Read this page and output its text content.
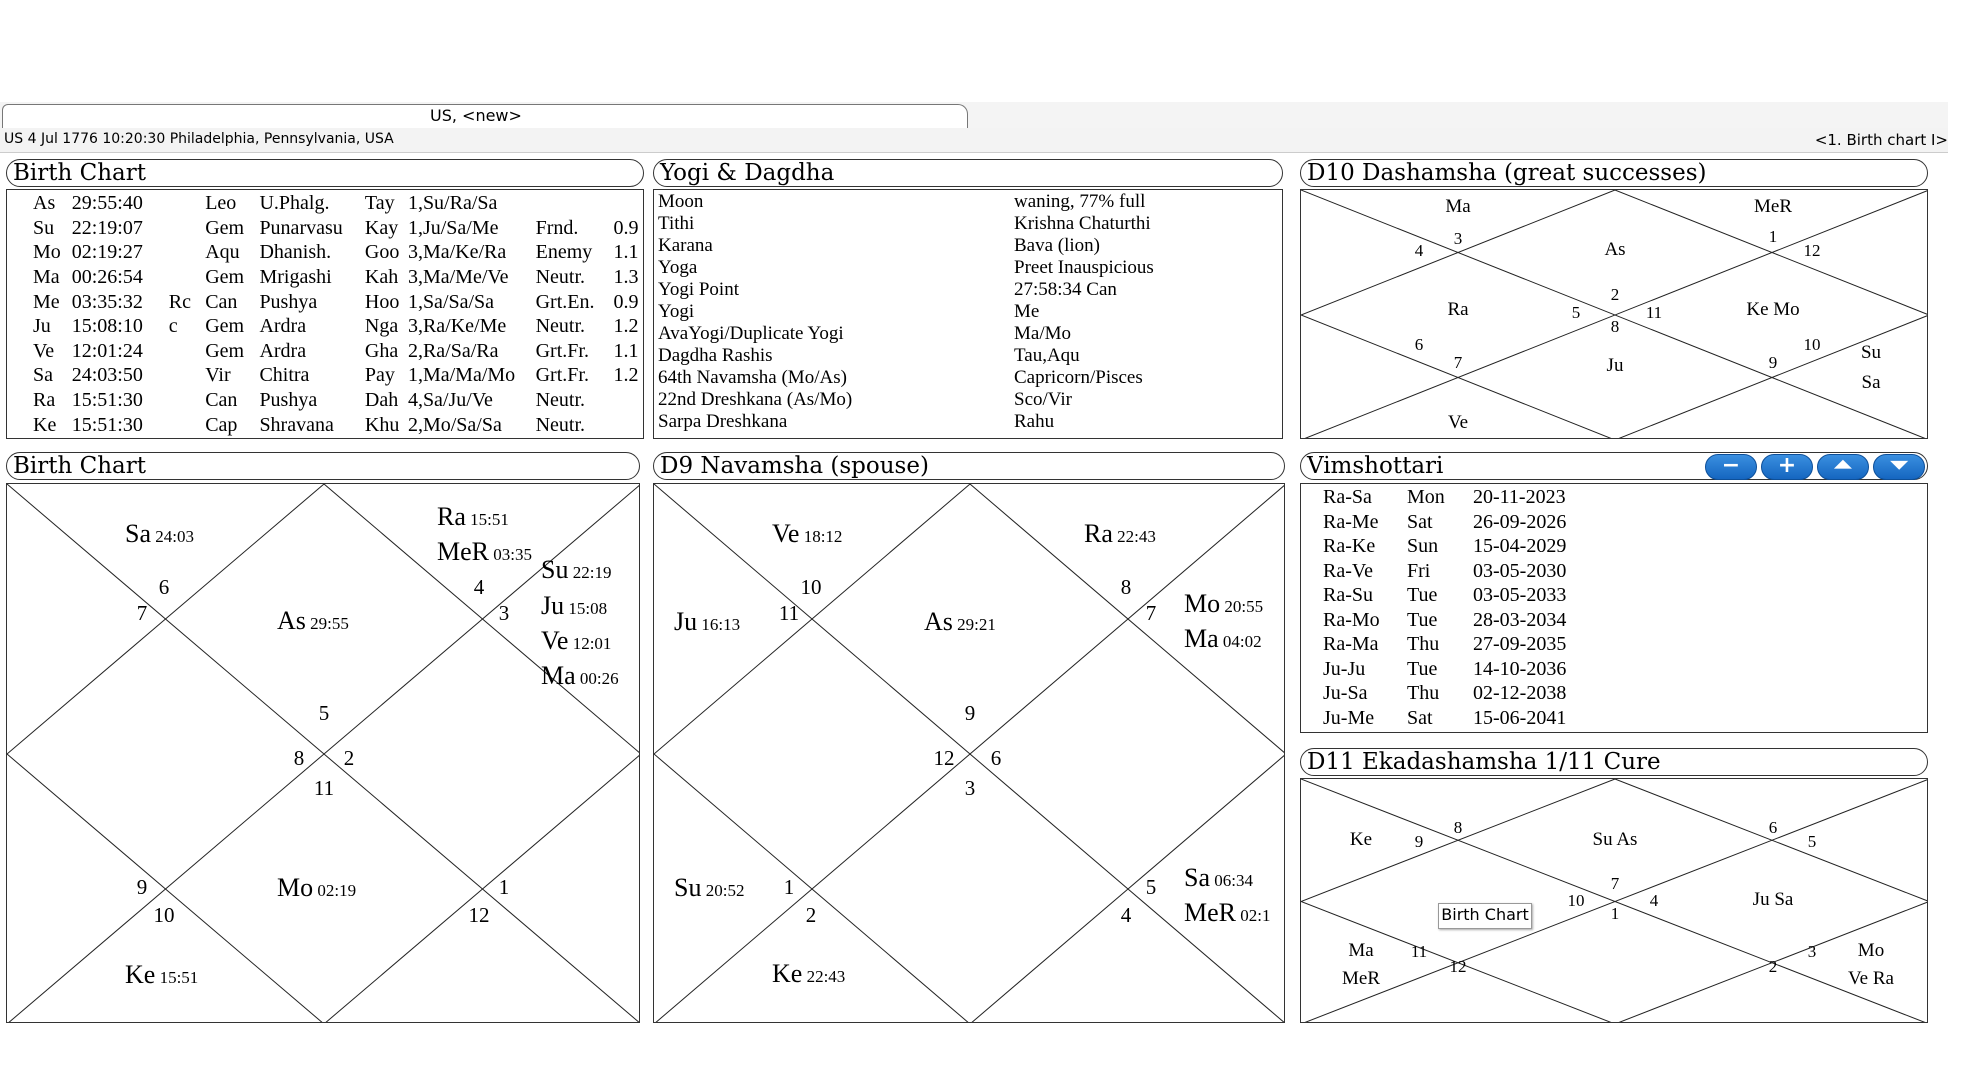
US, <new>
US 4 Jul 1776 10:20:30 Philadelphia, Pennsylvania, USA	<1. Birth chart I>
Birth Chart
As	29:55:40		Leo	U.Phalg.	Tay	1,Su/Ra/Sa		
Su	22:19:07		Gem	Punarvasu	Kay	1,Ju/Sa/Me	Frnd.	0.9
Mo	02:19:27		Aqu	Dhanish.	Goo	3,Ma/Ke/Ra	Enemy	1.1
Ma	00:26:54		Gem	Mrigashi	Kah	3,Ma/Me/Ve	Neutr.	1.3
Me	03:35:32	Rc	Can	Pushya	Hoo	1,Sa/Sa/Sa	Grt.En.	0.9
Ju	15:08:10	c	Gem	Ardra	Nga	3,Ra/Ke/Me	Neutr.	1.2
Ve	12:01:24		Gem	Ardra	Gha	2,Ra/Sa/Ra	Grt.Fr.	1.1
Sa	24:03:50		Vir	Chitra	Pay	1,Ma/Ma/Mo	Grt.Fr.	1.2
Ra	15:51:30		Can	Pushya	Dah	4,Sa/Ju/Ve	Neutr.	
Ke	15:51:30		Cap	Shravana	Khu	2,Mo/Sa/Sa	Neutr.	
Yogi & Dagdha
Moon	waning, 77% full
Tithi	Krishna Chaturthi
Karana	Bava (lion)
Yoga	Preet Inauspicious
Yogi Point	27:58:34 Can
Yogi	Me
AvaYogi/Duplicate Yogi	Ma/Mo
Dagdha Rashis	Tau,Aqu
64th Navamsha (Mo/As)	Capricorn/Pisces
22nd Dreshkana (As/Mo)	Sco/Vir
Sarpa Dreshkana	Rahu
D10 Dashamsha (great successes)
Ma	MeR
As
Ra	Ke Mo
Su
Sa
Ju
Ve
3
4
1
12
2
5
8
11
6
7
10
9
Birth Chart
Sa 24:03
Ra 15:51
MeR 03:35
Su 22:19
Ju 15:08
Ve 12:01
Ma 00:26
As 29:55
Mo 02:19
Ke 15:51
6
7
4
3
5
8 2
11
9
10
1
12
D9 Navamsha (spouse)
Ve 18:12	Ra 22:43
Mo 20:55
Ma 04:02
Ju 16:13	As 29:21
Su 20:52
Ke 22:43
Sa 06:34
MeR 02:1
10
11
8
7
9
12 6
3
1
2
5
4
Vimshottari	−	+	⏶	⏷
Ra-Sa	Mon	20-11-2023
Ra-Me	Sat	26-09-2026
Ra-Ke	Sun	15-04-2029
Ra-Ve	Fri	03-05-2030
Ra-Su	Tue	03-05-2033
Ra-Mo	Tue	28-03-2034
Ra-Ma	Thu	27-09-2035
Ju-Ju	Tue	14-10-2036
Ju-Sa	Thu	02-12-2038
Ju-Me	Sat	15-06-2041
D11 Ekadashamsha 1/11 Cure
Ke	Su As
Ju Sa
Ma
MeR
Mo
Ve Ra
8
9
6
5
7
10	4
1
11
12
3
2
Birth Chart
